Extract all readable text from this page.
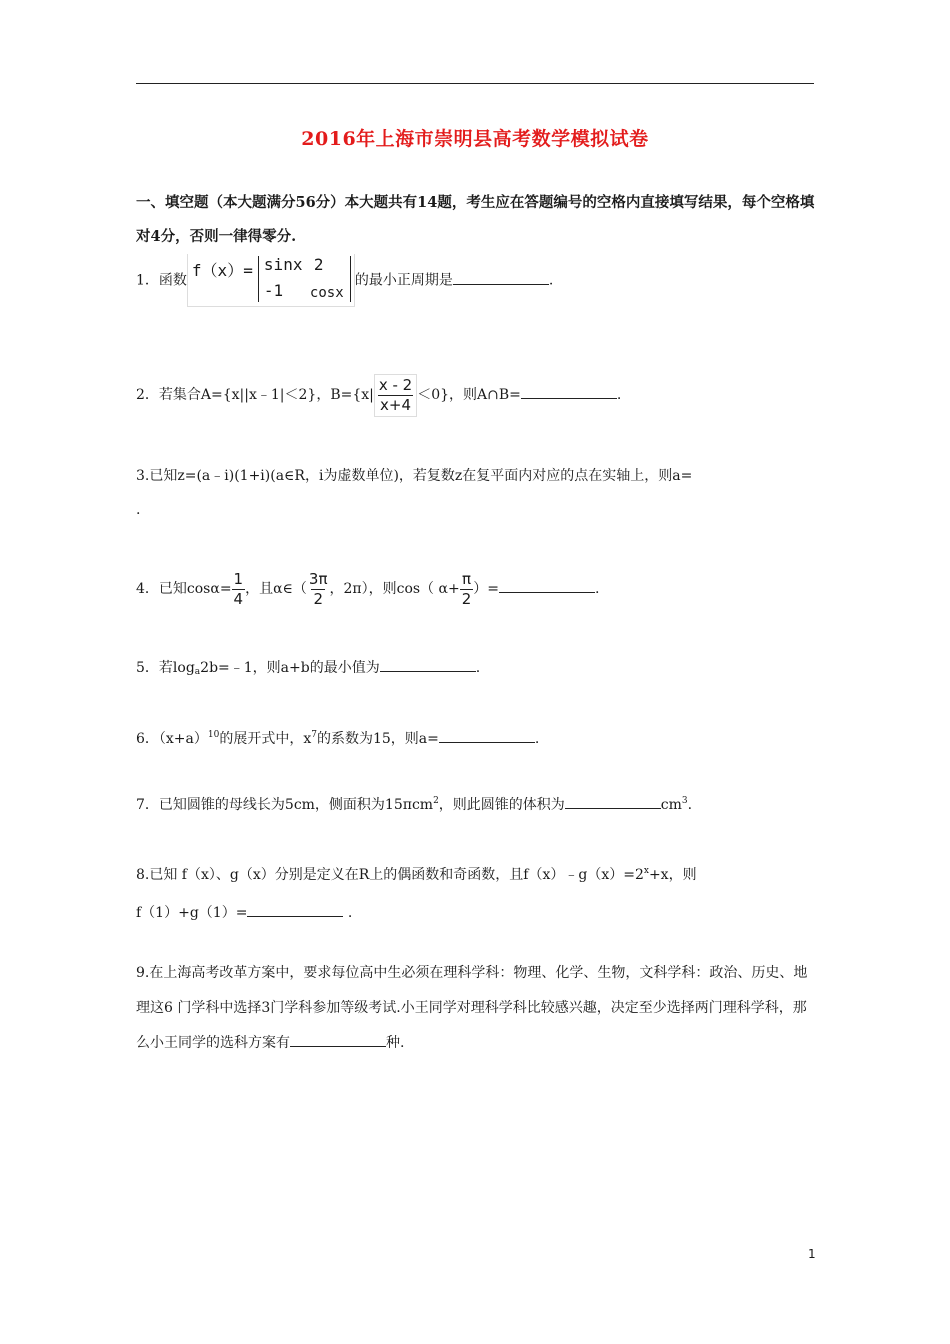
2016年上海市崇明县高考数学模拟试卷
一、填空题（本大题满分56分）本大题共有14题，考生应在答题编号的空格内直接填写结果，每个空格填对4分，否则一律得零分.
1．函数
f（x）= sinx 2
-1 cosx
的最小正周期是	.
2．若集合A={x||x﹣1|＜2}，$B=\{x| \frac{x - 2}{x+4} <0\}$，则A∩B=	.
3.已知z=(a﹣i)(1+i)(a∈R，i为虚数单位)，若复数z在复平面内对应的点在实轴上，则a=
.
4．已知$\cos\alpha= \frac{1}{4}$ ，且α∈（ $\frac{3\pi}{2}$ ，2π），则cos（ $\alpha+ \frac{\pi}{2}$ ）=	.
5．若$\log_a2b=﹣1$，则a+b的最小值为	.
6．$(x+a)^{10}$的展开式中，$x^7$的系数为15，则a=	.
7．已知圆锥的母线长为5cm，侧面积为15πcm$^2$，则此圆锥的体积为	$cm^3$.
8.已知 f（x）、g（x）分别是定义在R上的偶函数和奇函数，且$f(x)﹣g(x)=2^x+x$，则
f（1）+g（1）=	.
9.在上海高考改革方案中，要求每位高中生必须在理科学科：物理、化学、生物，文科学科：政治、历史、地理这6 门学科中选择3门学科参加等级考试.小王同学对理科学科比较感兴趣，决定至少选择两门理科学科，那么小王同学的选科方案有	种.
1
